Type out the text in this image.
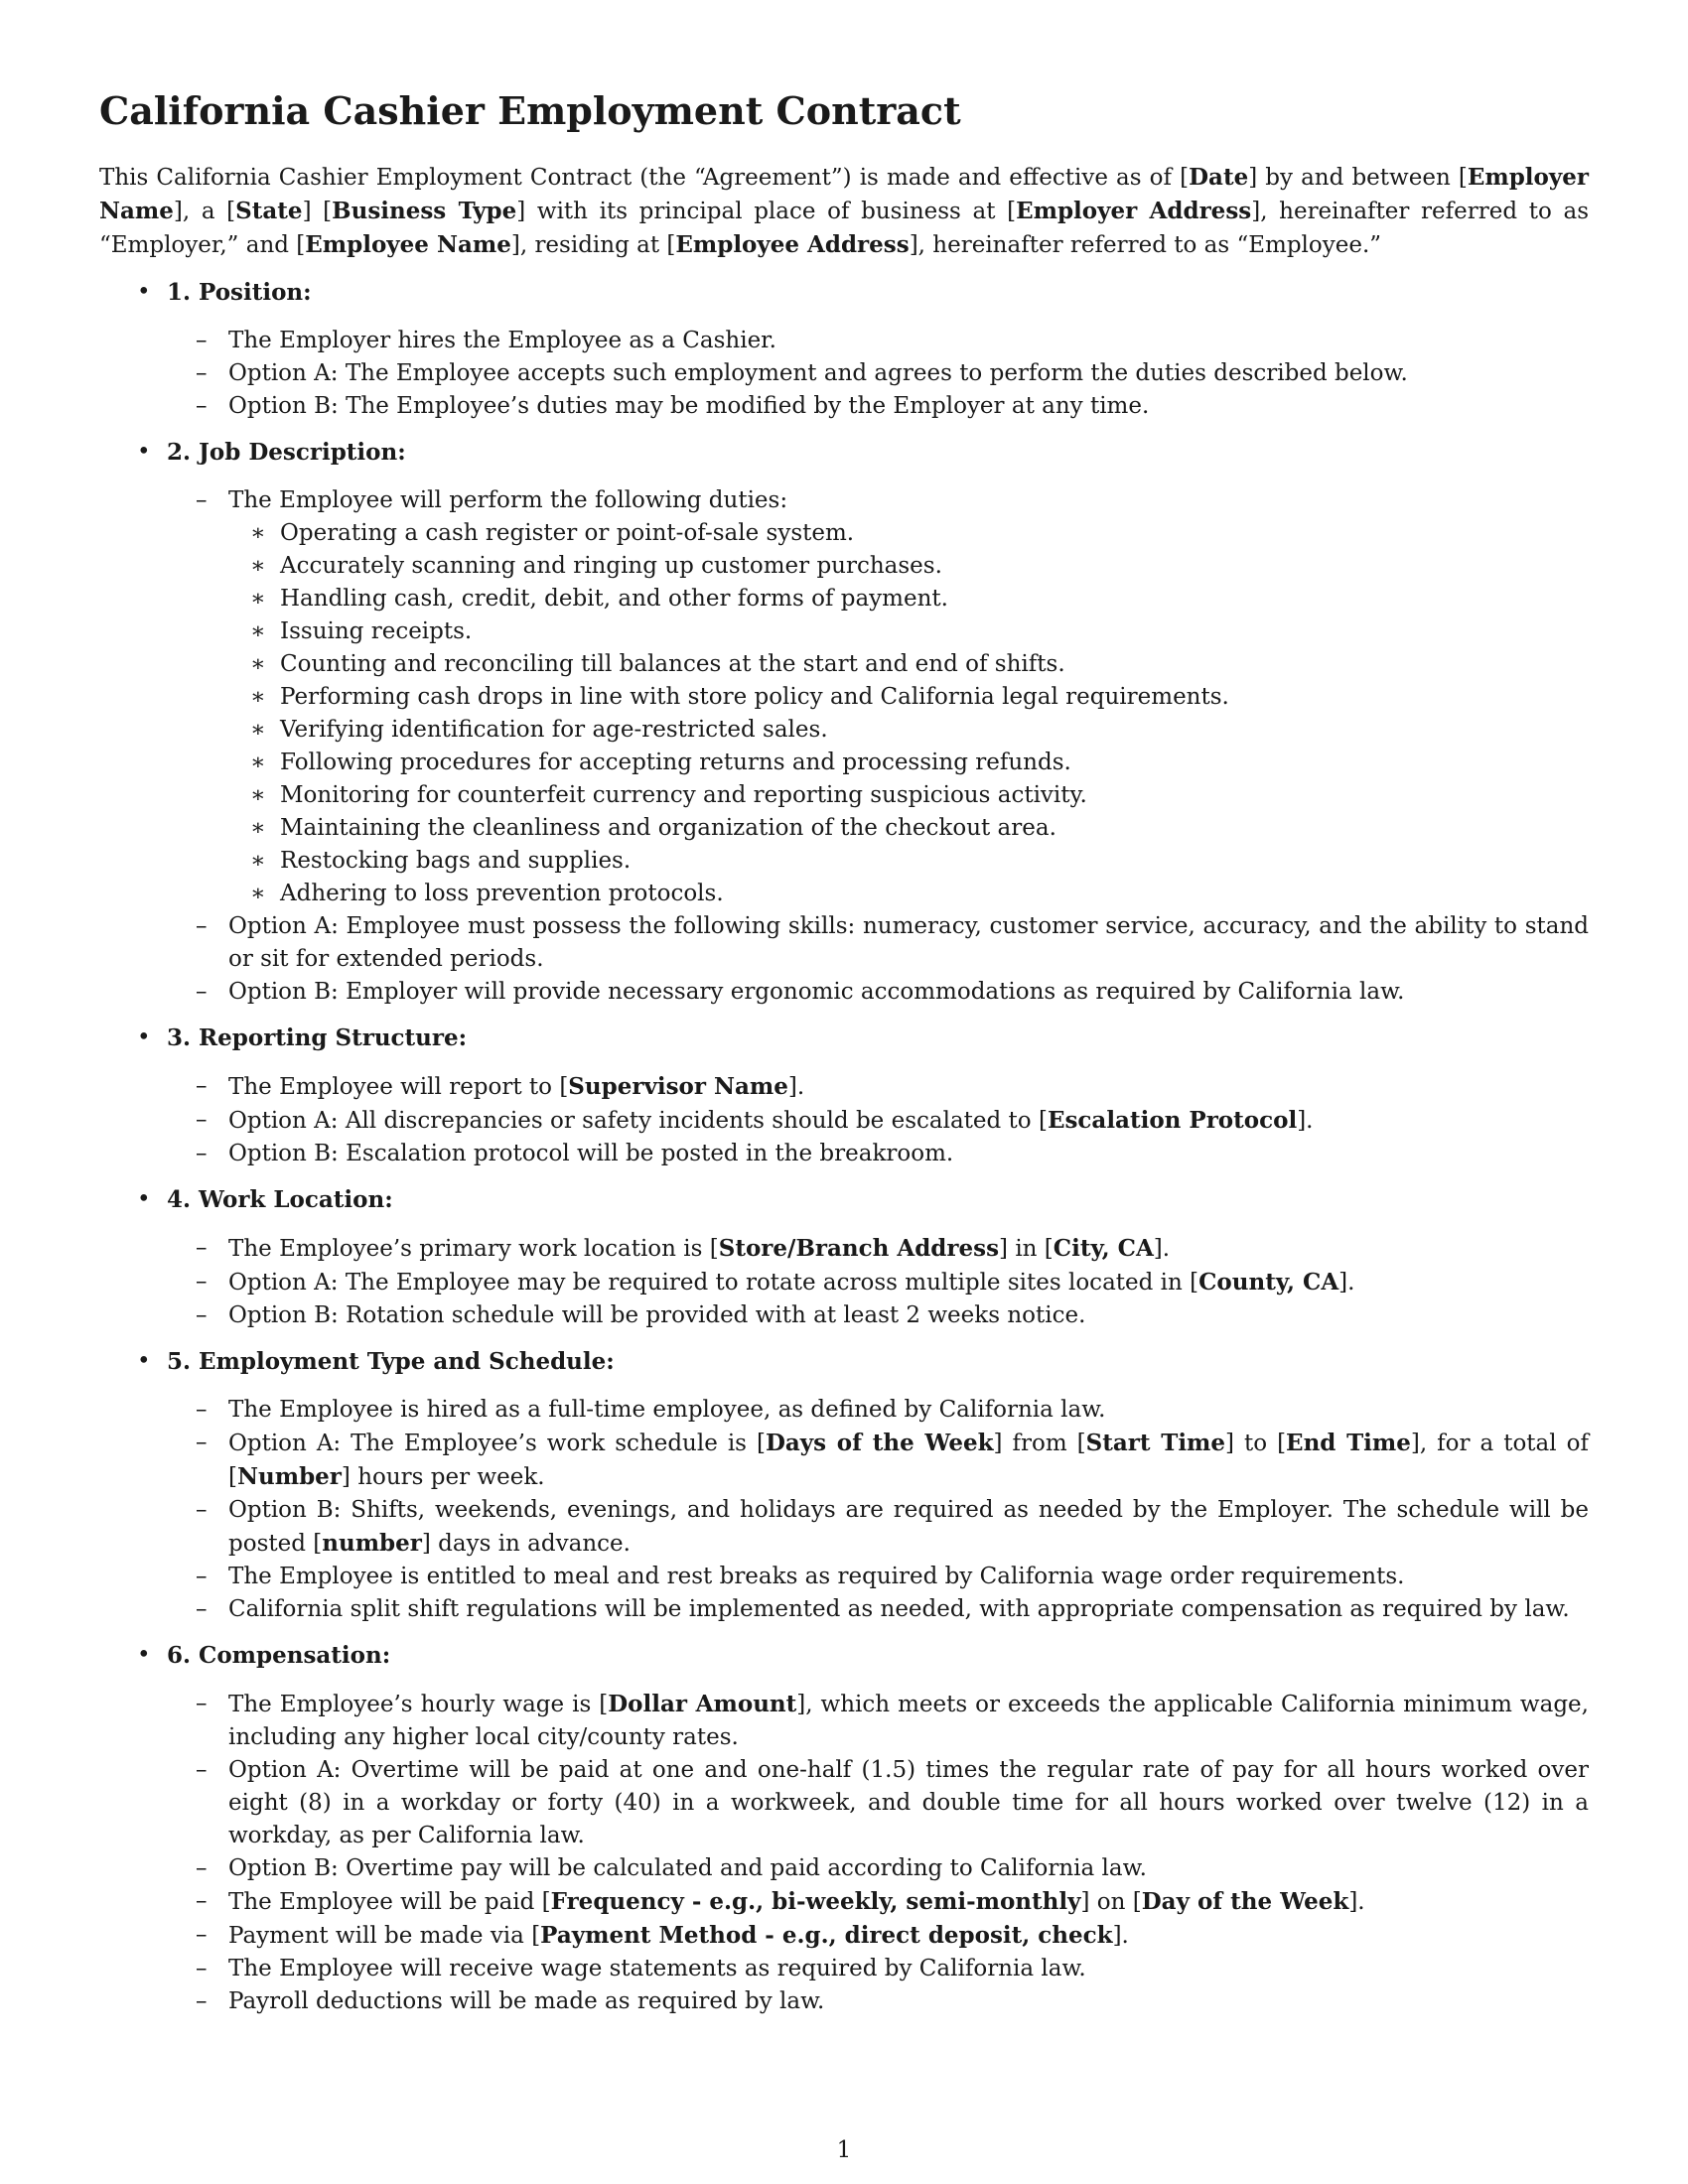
California Cashier Employment Contract

This California Cashier Employment Contract (the “Agreement”) is made and effective as of [Date] by and between [Employer Name], a [State] [Business Type] with its principal place of business at [Employer Address], hereinafter referred to as “Employer,” and [Employee Name], residing at [Employee Address], hereinafter referred to as “Employee.”

• 1. Position:
– The Employer hires the Employee as a Cashier.
– Option A: The Employee accepts such employment and agrees to perform the duties described below.
– Option B: The Employee’s duties may be modified by the Employer at any time.
• 2. Job Description:
– The Employee will perform the following duties:
∗ Operating a cash register or point-of-sale system.
∗ Accurately scanning and ringing up customer purchases.
∗ Handling cash, credit, debit, and other forms of payment.
∗ Issuing receipts.
∗ Counting and reconciling till balances at the start and end of shifts.
∗ Performing cash drops in line with store policy and California legal requirements.
∗ Verifying identification for age-restricted sales.
∗ Following procedures for accepting returns and processing refunds.
∗ Monitoring for counterfeit currency and reporting suspicious activity.
∗ Maintaining the cleanliness and organization of the checkout area.
∗ Restocking bags and supplies.
∗ Adhering to loss prevention protocols.
– Option A: Employee must possess the following skills: numeracy, customer service, accuracy, and the ability to stand or sit for extended periods.
– Option B: Employer will provide necessary ergonomic accommodations as required by California law.
• 3. Reporting Structure:
– The Employee will report to [Supervisor Name].
– Option A: All discrepancies or safety incidents should be escalated to [Escalation Protocol].
– Option B: Escalation protocol will be posted in the breakroom.
• 4. Work Location:
– The Employee’s primary work location is [Store/Branch Address] in [City, CA].
– Option A: The Employee may be required to rotate across multiple sites located in [County, CA].
– Option B: Rotation schedule will be provided with at least 2 weeks notice.
• 5. Employment Type and Schedule:
– The Employee is hired as a full-time employee, as defined by California law.
– Option A: The Employee’s work schedule is [Days of the Week] from [Start Time] to [End Time], for a total of [Number] hours per week.
– Option B: Shifts, weekends, evenings, and holidays are required as needed by the Employer. The schedule will be posted [number] days in advance.
– The Employee is entitled to meal and rest breaks as required by California wage order requirements.
– California split shift regulations will be implemented as needed, with appropriate compensation as required by law.
• 6. Compensation:
– The Employee’s hourly wage is [Dollar Amount], which meets or exceeds the applicable California minimum wage, including any higher local city/county rates.
– Option A: Overtime will be paid at one and one-half (1.5) times the regular rate of pay for all hours worked over eight (8) in a workday or forty (40) in a workweek, and double time for all hours worked over twelve (12) in a workday, as per California law.
– Option B: Overtime pay will be calculated and paid according to California law.
– The Employee will be paid [Frequency - e.g., bi-weekly, semi-monthly] on [Day of the Week].
– Payment will be made via [Payment Method - e.g., direct deposit, check].
– The Employee will receive wage statements as required by California law.
– Payroll deductions will be made as required by law.
1
